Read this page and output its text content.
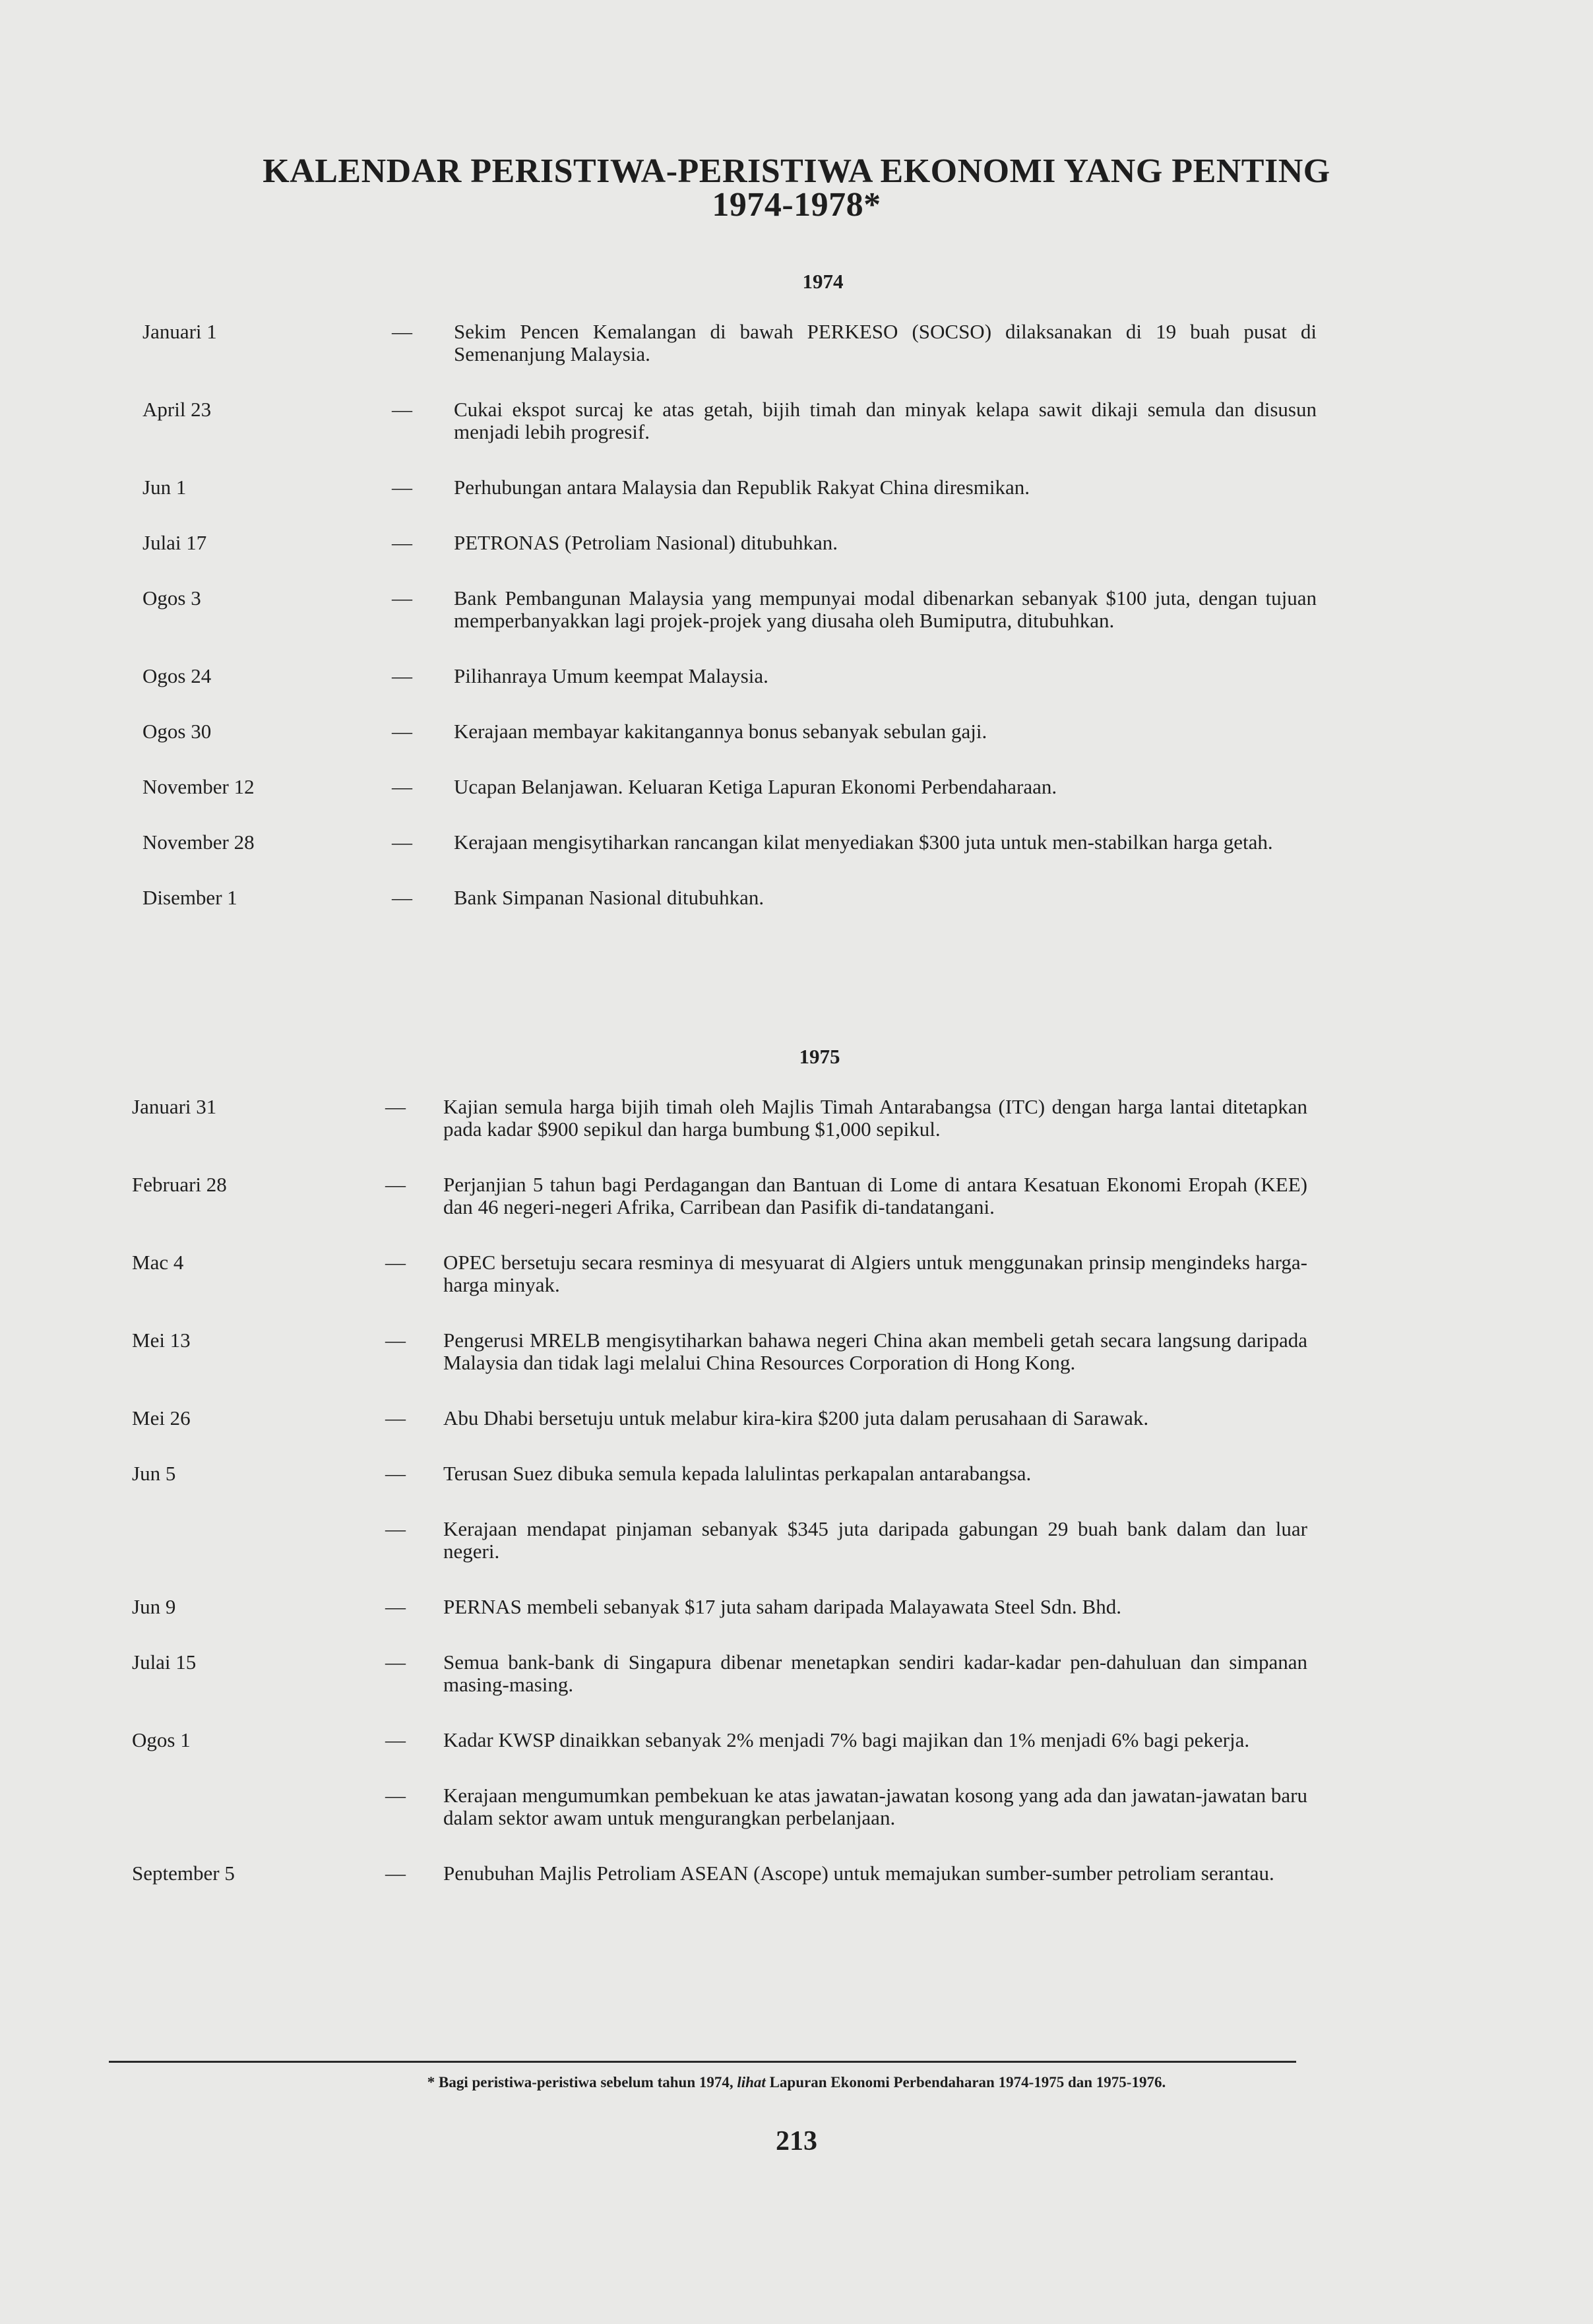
KALENDAR PERISTIWA-PERISTIWA EKONOMI YANG PENTING
1974-1978*
1974
Januari 1	— Sekim Pencen Kemalangan di bawah PERKESO (SOCSO) dilaksanakan di 19 buah pusat di Semenanjung Malaysia.
April 23	— Cukai ekspot surcaj ke atas getah, bijih timah dan minyak kelapa sawit dikaji semula dan disusun menjadi lebih progresif.
Jun 1	— Perhubungan antara Malaysia dan Republik Rakyat China diresmikan.
Julai 17	— PETRONAS (Petroliam Nasional) ditubuhkan.
Ogos 3	— Bank Pembangunan Malaysia yang mempunyai modal dibenarkan sebanyak $100 juta, dengan tujuan memperbanyakkan lagi projek-projek yang diusaha oleh Bumiputra, ditubuhkan.
Ogos 24	— Pilihanraya Umum keempat Malaysia.
Ogos 30	— Kerajaan membayar kakitangannya bonus sebanyak sebulan gaji.
November 12	— Ucapan Belanjawan. Keluaran Ketiga Lapuran Ekonomi Perbendaharaan.
November 28	— Kerajaan mengisytiharkan rancangan kilat menyediakan $300 juta untuk men-stabilkan harga getah.
Disember 1	— Bank Simpanan Nasional ditubuhkan.
1975
Januari 31	— Kajian semula harga bijih timah oleh Majlis Timah Antarabangsa (ITC) dengan harga lantai ditetapkan pada kadar $900 sepikul dan harga bumbung $1,000 sepikul.
Februari 28	— Perjanjian 5 tahun bagi Perdagangan dan Bantuan di Lome di antara Kesatuan Ekonomi Eropah (KEE) dan 46 negeri-negeri Afrika, Carribean dan Pasifik di-tandatangani.
Mac 4	— OPEC bersetuju secara resminya di mesyuarat di Algiers untuk menggunakan prinsip mengindeks harga-harga minyak.
Mei 13	— Pengerusi MRELB mengisytiharkan bahawa negeri China akan membeli getah secara langsung daripada Malaysia dan tidak lagi melalui China Resources Corporation di Hong Kong.
Mei 26	— Abu Dhabi bersetuju untuk melabur kira-kira $200 juta dalam perusahaan di Sarawak.
Jun 5	— Terusan Suez dibuka semula kepada lalulintas perkapalan antarabangsa.
— Kerajaan mendapat pinjaman sebanyak $345 juta daripada gabungan 29 buah bank dalam dan luar negeri.
Jun 9	— PERNAS membeli sebanyak $17 juta saham daripada Malayawata Steel Sdn. Bhd.
Julai 15	— Semua bank-bank di Singapura dibenar menetapkan sendiri kadar-kadar pen-dahuluan dan simpanan masing-masing.
Ogos 1	— Kadar KWSP dinaikkan sebanyak 2% menjadi 7% bagi majikan dan 1% menjadi 6% bagi pekerja.
— Kerajaan mengumumkan pembekuan ke atas jawatan-jawatan kosong yang ada dan jawatan-jawatan baru dalam sektor awam untuk mengurangkan perbelanjaan.
September 5	— Penubuhan Majlis Petroliam ASEAN (Ascope) untuk memajukan sumber-sumber petroliam serantau.
* Bagi peristiwa-peristiwa sebelum tahun 1974, lihat Lapuran Ekonomi Perbendaharan 1974-1975 dan 1975-1976.
213
